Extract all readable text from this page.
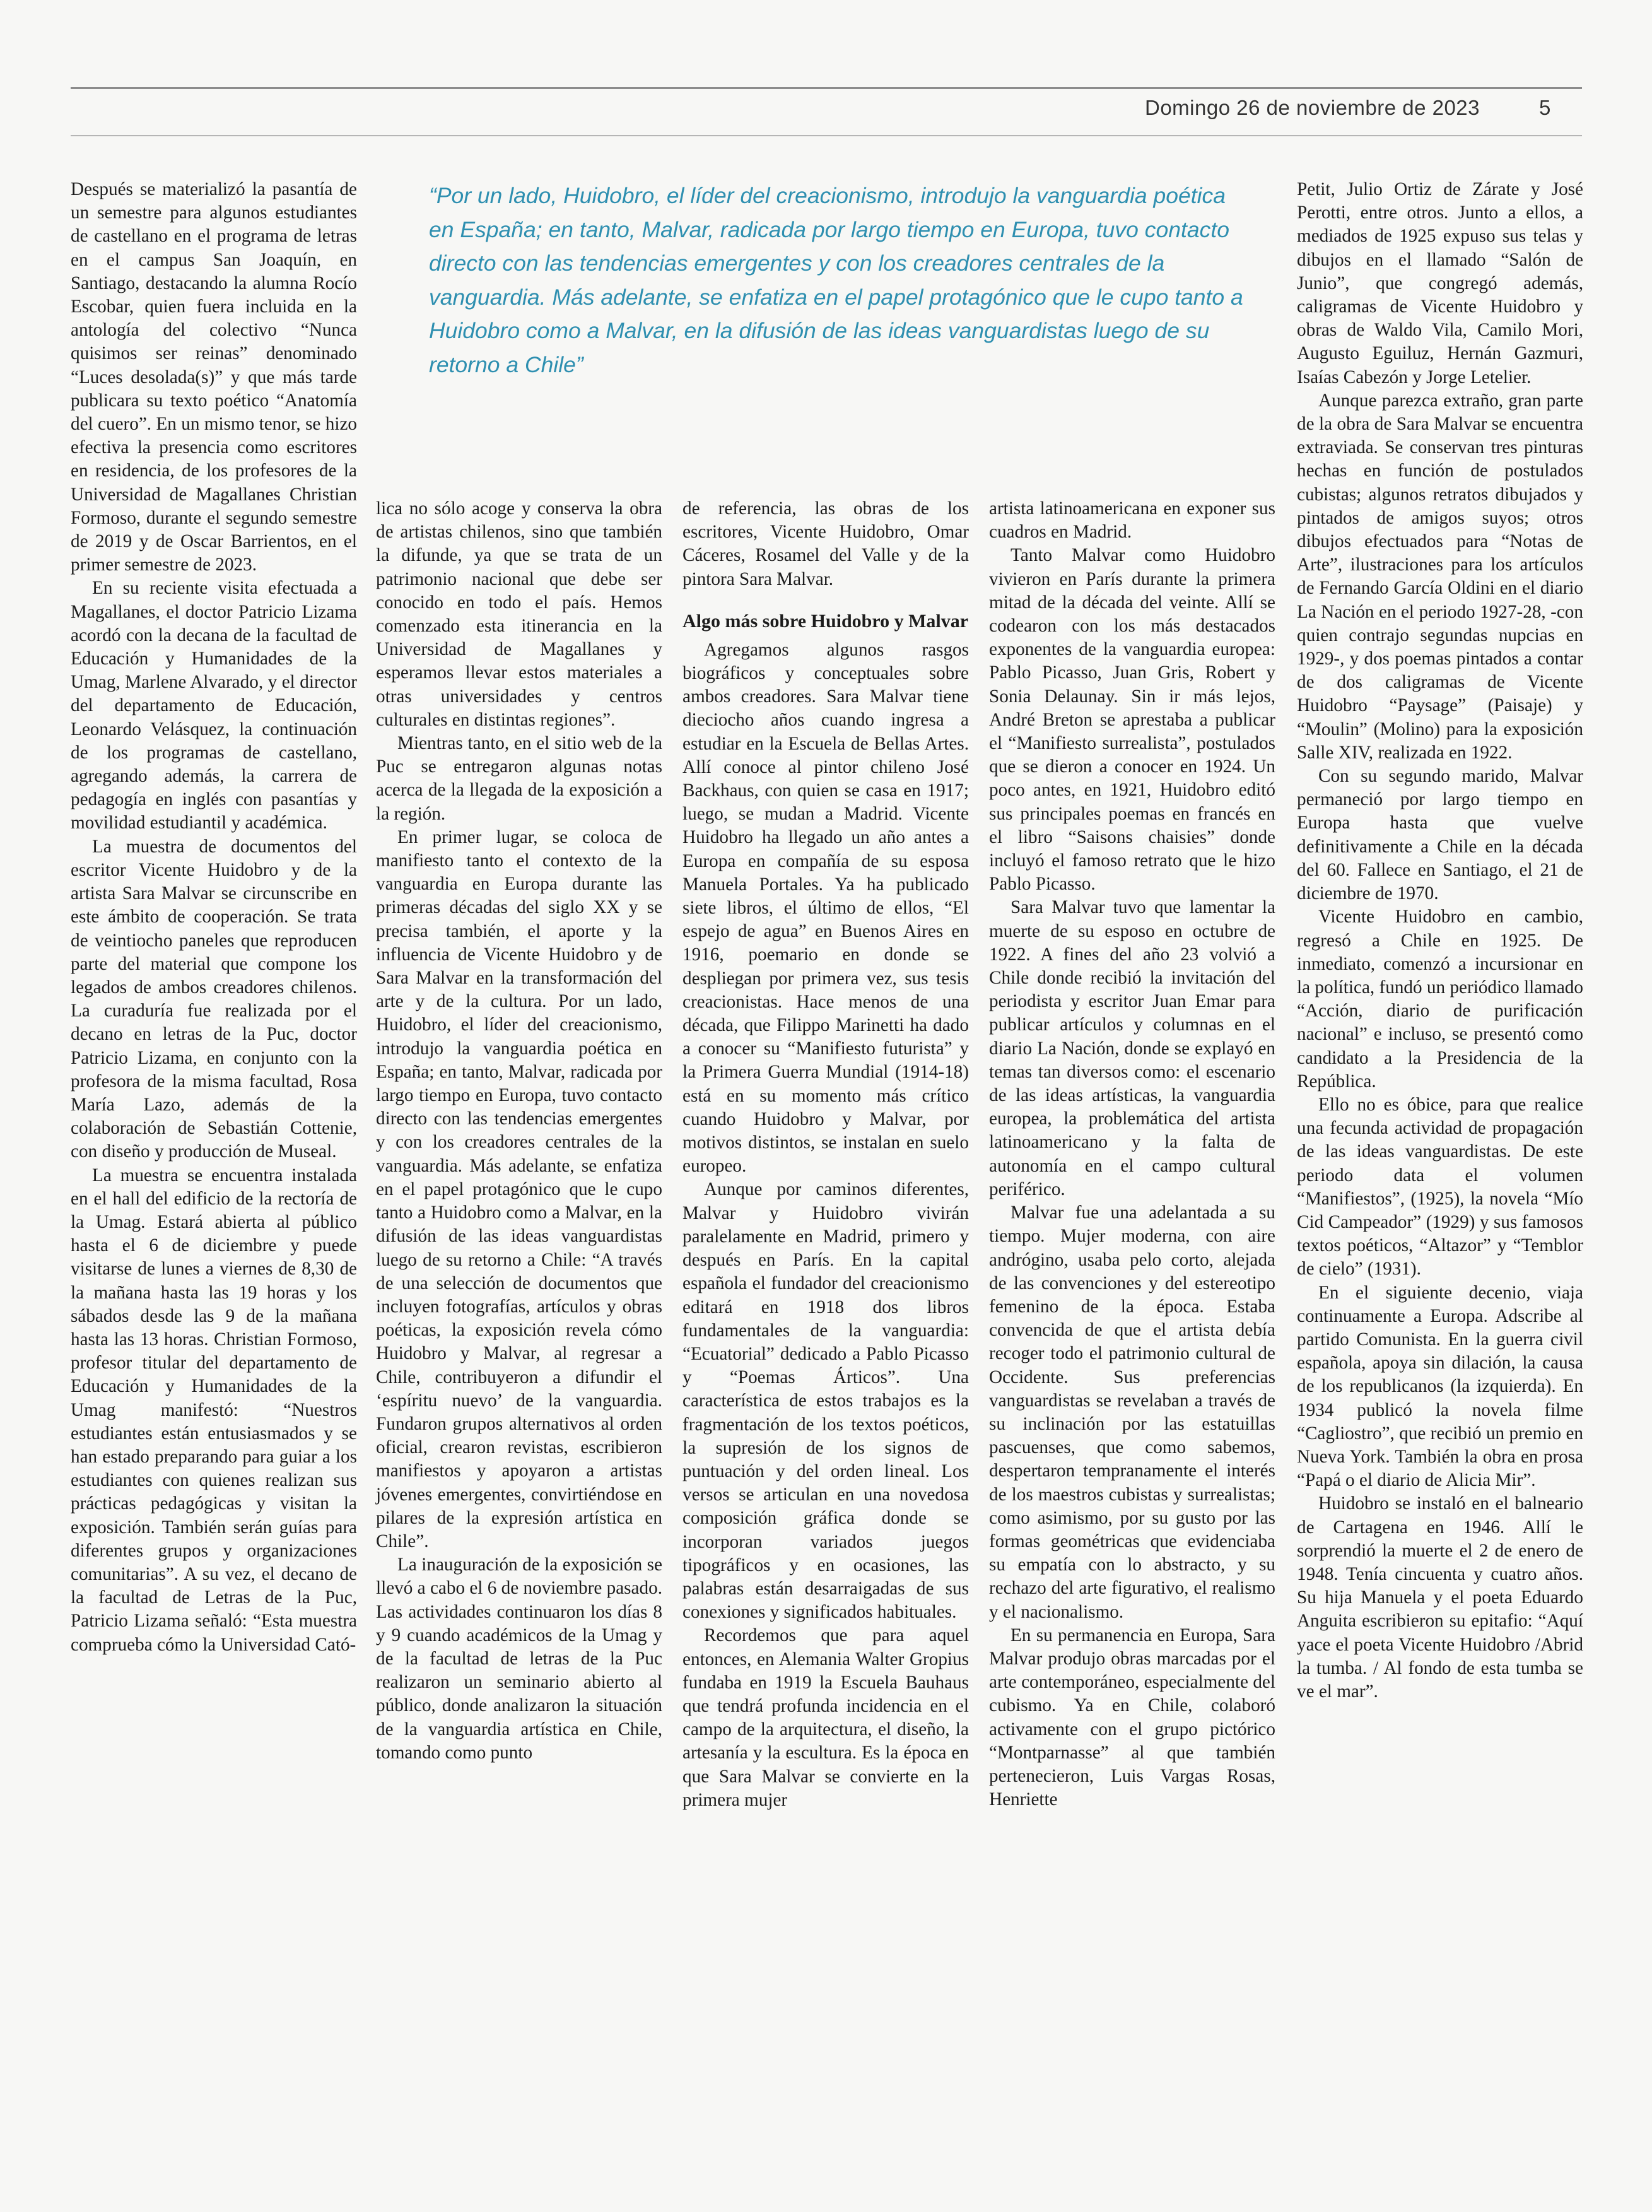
Domingo 26 de noviembre de 2023	5

“Por un lado, Huidobro, el líder del creacionismo, introdujo la vanguardia poética en España; en tanto, Malvar, radicada por largo tiempo en Europa, tuvo contacto directo con las tendencias emergentes y con los creadores centrales de la vanguardia. Más adelante, se enfatiza en el papel protagónico que le cupo tanto a Huidobro como a Malvar, en la difusión de las ideas vanguardistas luego de su retorno a Chile”

Después se materializó la pasantía de un semestre para algunos estudiantes de castellano en el programa de letras en el campus San Joaquín, en Santiago, destacando la alumna Rocío Escobar, quien fuera incluida en la antología del colectivo “Nunca quisimos ser reinas” denominado “Luces desolada(s)” y que más tarde publicara su texto poético “Anatomía del cuero”. En un mismo tenor, se hizo efectiva la presencia como escritores en residencia, de los profesores de la Universidad de Magallanes Christian Formoso, durante el segundo semestre de 2019 y de Oscar Barrientos, en el primer semestre de 2023.

En su reciente visita efectuada a Magallanes, el doctor Patricio Lizama acordó con la decana de la facultad de Educación y Humanidades de la Umag, Marlene Alvarado, y el director del departamento de Educación, Leonardo Velásquez, la continuación de los programas de castellano, agregando además, la carrera de pedagogía en inglés con pasantías y movilidad estudiantil y académica.

La muestra de documentos del escritor Vicente Huidobro y de la artista Sara Malvar se circunscribe en este ámbito de cooperación. Se trata de veintiocho paneles que reproducen parte del material que compone los legados de ambos creadores chilenos. La curaduría fue realizada por el decano en letras de la Puc, doctor Patricio Lizama, en conjunto con la profesora de la misma facultad, Rosa María Lazo, además de la colaboración de Sebastián Cottenie, con diseño y producción de Museal.

La muestra se encuentra instalada en el hall del edificio de la rectoría de la Umag. Estará abierta al público hasta el 6 de diciembre y puede visitarse de lunes a viernes de 8,30 de la mañana hasta las 19 horas y los sábados desde las 9 de la mañana hasta las 13 horas. Christian Formoso, profesor titular del departamento de Educación y Humanidades de la Umag manifestó: “Nuestros estudiantes están entusiasmados y se han estado preparando para guiar a los estudiantes con quienes realizan sus prácticas pedagógicas y visitan la exposición. También serán guías para diferentes grupos y organizaciones comunitarias”. A su vez, el decano de la facultad de Letras de la Puc, Patricio Lizama señaló: “Esta muestra comprueba cómo la Universidad Cató-

lica no sólo acoge y conserva la obra de artistas chilenos, sino que también la difunde, ya que se trata de un patrimonio nacional que debe ser conocido en todo el país. Hemos comenzado esta itinerancia en la Universidad de Magallanes y esperamos llevar estos materiales a otras universidades y centros culturales en distintas regiones”.

Mientras tanto, en el sitio web de la Puc se entregaron algunas notas acerca de la llegada de la exposición a la región.

En primer lugar, se coloca de manifiesto tanto el contexto de la vanguardia en Europa durante las primeras décadas del siglo XX y se precisa también, el aporte y la influencia de Vicente Huidobro y de Sara Malvar en la transformación del arte y de la cultura. Por un lado, Huidobro, el líder del creacionismo, introdujo la vanguardia poética en España; en tanto, Malvar, radicada por largo tiempo en Europa, tuvo contacto directo con las tendencias emergentes y con los creadores centrales de la vanguardia. Más adelante, se enfatiza en el papel protagónico que le cupo tanto a Huidobro como a Malvar, en la difusión de las ideas vanguardistas luego de su retorno a Chile: “A través de una selección de documentos que incluyen fotografías, artículos y obras poéticas, la exposición revela cómo Huidobro y Malvar, al regresar a Chile, contribuyeron a difundir el ‘espíritu nuevo’ de la vanguardia. Fundaron grupos alternativos al orden oficial, crearon revistas, escribieron manifiestos y apoyaron a artistas jóvenes emergentes, convirtiéndose en pilares de la expresión artística en Chile”.

La inauguración de la exposición se llevó a cabo el 6 de noviembre pasado. Las actividades continuaron los días 8 y 9 cuando académicos de la Umag y de la facultad de letras de la Puc realizaron un seminario abierto al público, donde analizaron la situación de la vanguardia artística en Chile, tomando como punto

de referencia, las obras de los escritores, Vicente Huidobro, Omar Cáceres, Rosamel del Valle y de la pintora Sara Malvar.

Algo más sobre Huidobro y Malvar

Agregamos algunos rasgos biográficos y conceptuales sobre ambos creadores. Sara Malvar tiene dieciocho años cuando ingresa a estudiar en la Escuela de Bellas Artes. Allí conoce al pintor chileno José Backhaus, con quien se casa en 1917; luego, se mudan a Madrid. Vicente Huidobro ha llegado un año antes a Europa en compañía de su esposa Manuela Portales. Ya ha publicado siete libros, el último de ellos, “El espejo de agua” en Buenos Aires en 1916, poemario en donde se despliegan por primera vez, sus tesis creacionistas. Hace menos de una década, que Filippo Marinetti ha dado a conocer su “Manifiesto futurista” y la Primera Guerra Mundial (1914-18) está en su momento más crítico cuando Huidobro y Malvar, por motivos distintos, se instalan en suelo europeo.

Aunque por caminos diferentes, Malvar y Huidobro vivirán paralelamente en Madrid, primero y después en París. En la capital española el fundador del creacionismo editará en 1918 dos libros fundamentales de la vanguardia: “Ecuatorial” dedicado a Pablo Picasso y “Poemas Árticos”. Una característica de estos trabajos es la fragmentación de los textos poéticos, la supresión de los signos de puntuación y del orden lineal. Los versos se articulan en una novedosa composición gráfica donde se incorporan variados juegos tipográficos y en ocasiones, las palabras están desarraigadas de sus conexiones y significados habituales.

Recordemos que para aquel entonces, en Alemania Walter Gropius fundaba en 1919 la Escuela Bauhaus que tendrá profunda incidencia en el campo de la arquitectura, el diseño, la artesanía y la escultura. Es la época en que Sara Malvar se convierte en la primera mujer

artista latinoamericana en exponer sus cuadros en Madrid.

Tanto Malvar como Huidobro vivieron en París durante la primera mitad de la década del veinte. Allí se codearon con los más destacados exponentes de la vanguardia europea: Pablo Picasso, Juan Gris, Robert y Sonia Delaunay. Sin ir más lejos, André Breton se aprestaba a publicar el “Manifiesto surrealista”, postulados que se dieron a conocer en 1924. Un poco antes, en 1921, Huidobro editó sus principales poemas en francés en el libro “Saisons chaisies” donde incluyó el famoso retrato que le hizo Pablo Picasso.

Sara Malvar tuvo que lamentar la muerte de su esposo en octubre de 1922. A fines del año 23 volvió a Chile donde recibió la invitación del periodista y escritor Juan Emar para publicar artículos y columnas en el diario La Nación, donde se explayó en temas tan diversos como: el escenario de las ideas artísticas, la vanguardia europea, la problemática del artista latinoamericano y la falta de autonomía en el campo cultural periférico.

Malvar fue una adelantada a su tiempo. Mujer moderna, con aire andrógino, usaba pelo corto, alejada de las convenciones y del estereotipo femenino de la época. Estaba convencida de que el artista debía recoger todo el patrimonio cultural de Occidente. Sus preferencias vanguardistas se revelaban a través de su inclinación por las estatuillas pascuenses, que como sabemos, despertaron tempranamente el interés de los maestros cubistas y surrealistas; como asimismo, por su gusto por las formas geométricas que evidenciaba su empatía con lo abstracto, y su rechazo del arte figurativo, el realismo y el nacionalismo.

En su permanencia en Europa, Sara Malvar produjo obras marcadas por el arte contemporáneo, especialmente del cubismo. Ya en Chile, colaboró activamente con el grupo pictórico “Montparnasse” al que también pertenecieron, Luis Vargas Rosas, Henriette

Petit, Julio Ortiz de Zárate y José Perotti, entre otros. Junto a ellos, a mediados de 1925 expuso sus telas y dibujos en el llamado “Salón de Junio”, que congregó además, caligramas de Vicente Huidobro y obras de Waldo Vila, Camilo Mori, Augusto Eguiluz, Hernán Gazmuri, Isaías Cabezón y Jorge Letelier.

Aunque parezca extraño, gran parte de la obra de Sara Malvar se encuentra extraviada. Se conservan tres pinturas hechas en función de postulados cubistas; algunos retratos dibujados y pintados de amigos suyos; otros dibujos efectuados para “Notas de Arte”, ilustraciones para los artículos de Fernando García Oldini en el diario La Nación en el periodo 1927-28, -con quien contrajo segundas nupcias en 1929-, y dos poemas pintados a contar de dos caligramas de Vicente Huidobro “Paysage” (Paisaje) y “Moulin” (Molino) para la exposición Salle XIV, realizada en 1922.

Con su segundo marido, Malvar permaneció por largo tiempo en Europa hasta que vuelve definitivamente a Chile en la década del 60. Fallece en Santiago, el 21 de diciembre de 1970.

Vicente Huidobro en cambio, regresó a Chile en 1925. De inmediato, comenzó a incursionar en la política, fundó un periódico llamado “Acción, diario de purificación nacional” e incluso, se presentó como candidato a la Presidencia de la República.

Ello no es óbice, para que realice una fecunda actividad de propagación de las ideas vanguardistas. De este periodo data el volumen “Manifiestos”, (1925), la novela “Mío Cid Campeador” (1929) y sus famosos textos poéticos, “Altazor” y “Temblor de cielo” (1931).

En el siguiente decenio, viaja continuamente a Europa. Adscribe al partido Comunista. En la guerra civil española, apoya sin dilación, la causa de los republicanos (la izquierda). En 1934 publicó la novela filme “Cagliostro”, que recibió un premio en Nueva York. También la obra en prosa “Papá o el diario de Alicia Mir”.

Huidobro se instaló en el balneario de Cartagena en 1946. Allí le sorprendió la muerte el 2 de enero de 1948. Tenía cincuenta y cuatro años. Su hija Manuela y el poeta Eduardo Anguita escribieron su epitafio: “Aquí yace el poeta Vicente Huidobro /Abrid la tumba. / Al fondo de esta tumba se ve el mar”.
